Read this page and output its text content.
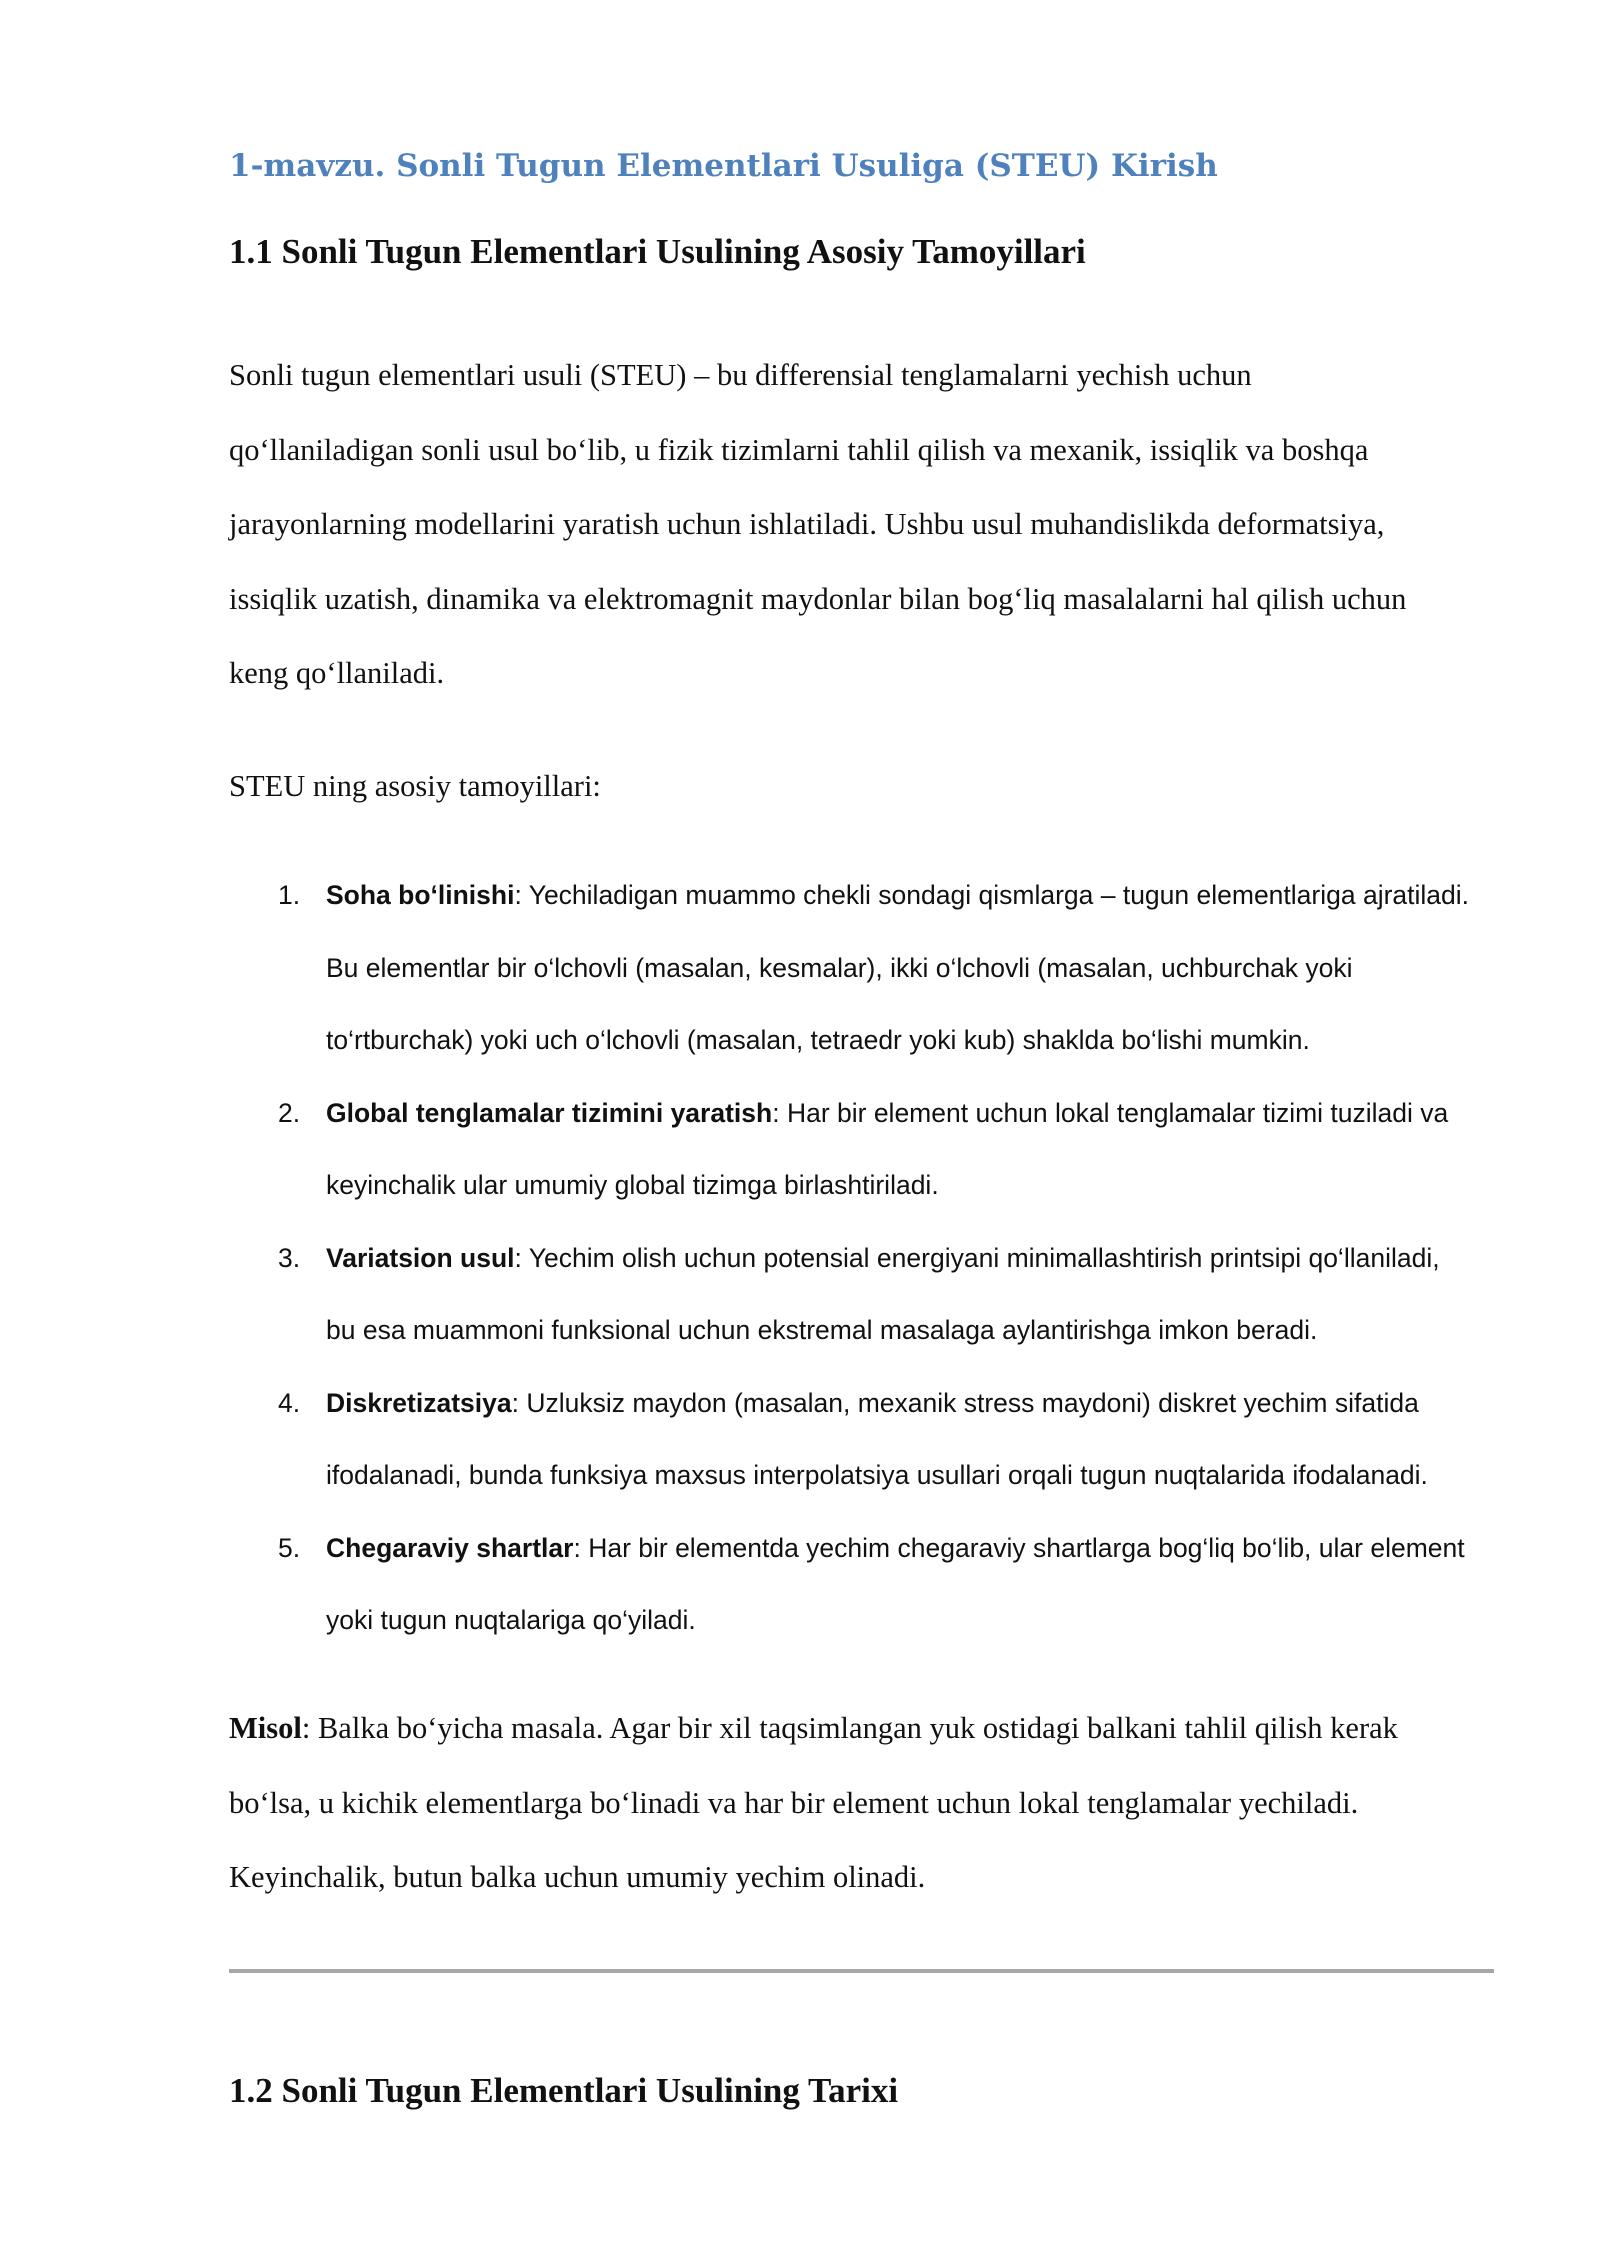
1-mavzu. Sonli Tugun Elementlari Usuliga (STEU) Kirish
1.1 Sonli Tugun Elementlari Usulining Asosiy Tamoyillari

Sonli tugun elementlari usuli (STEU) – bu differensial tenglamalarni yechish uchun
qo‘llaniladigan sonli usul bo‘lib, u fizik tizimlarni tahlil qilish va mexanik, issiqlik va boshqa
jarayonlarning modellarini yaratish uchun ishlatiladi. Ushbu usul muhandislikda deformatsiya,
issiqlik uzatish, dinamika va elektromagnit maydonlar bilan bog‘liq masalalarni hal qilish uchun
keng qo‘llaniladi.

STEU ning asosiy tamoyillari:

1. Soha bo‘linishi: Yechiladigan muammo chekli sondagi qismlarga – tugun elementlariga ajratiladi.
Bu elementlar bir o‘lchovli (masalan, kesmalar), ikki o‘lchovli (masalan, uchburchak yoki
to‘rtburchak) yoki uch o‘lchovli (masalan, tetraedr yoki kub) shaklda bo‘lishi mumkin.
2. Global tenglamalar tizimini yaratish: Har bir element uchun lokal tenglamalar tizimi tuziladi va
keyinchalik ular umumiy global tizimga birlashtiriladi.
3. Variatsion usul: Yechim olish uchun potensial energiyani minimallashtirish printsipi qo‘llaniladi,
bu esa muammoni funksional uchun ekstremal masalaga aylantirishga imkon beradi.
4. Diskretizatsiya: Uzluksiz maydon (masalan, mexanik stress maydoni) diskret yechim sifatida
ifodalanadi, bunda funksiya maxsus interpolatsiya usullari orqali tugun nuqtalarida ifodalanadi.
5. Chegaraviy shartlar: Har bir elementda yechim chegaraviy shartlarga bog‘liq bo‘lib, ular element
yoki tugun nuqtalariga qo‘yiladi.

Misol: Balka bo‘yicha masala. Agar bir xil taqsimlangan yuk ostidagi balkani tahlil qilish kerak
bo‘lsa, u kichik elementlarga bo‘linadi va har bir element uchun lokal tenglamalar yechiladi.
Keyinchalik, butun balka uchun umumiy yechim olinadi.

1.2 Sonli Tugun Elementlari Usulining Tarixi
